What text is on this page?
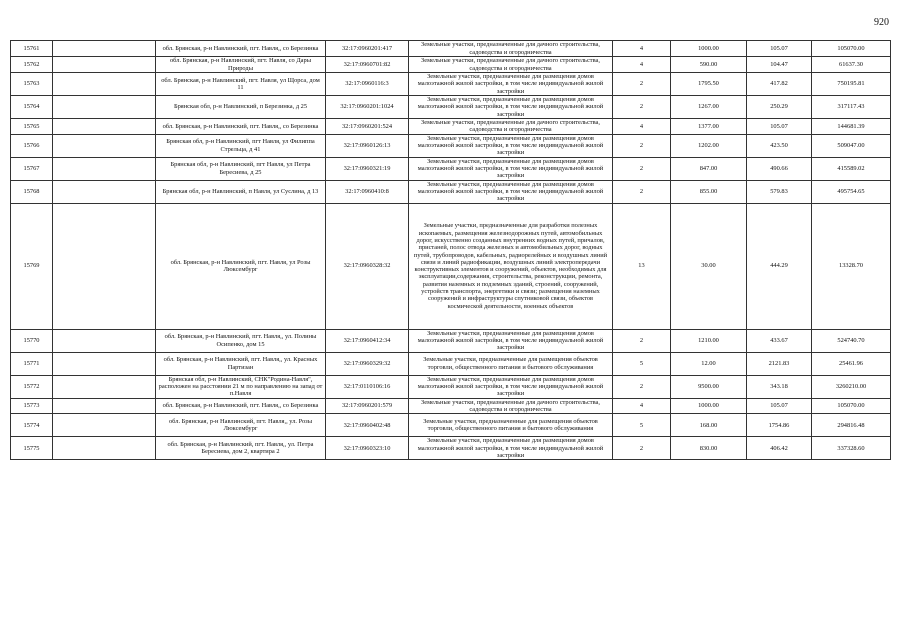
920
15761		обл. Брянская, р-н Навлинский, пгт. Навля,, со Березинка	32:17:0960201:417	Земельные участки, предназначенные для дачного строительства, садоводства и огородничества	4	1000.00	105.07	105070.00
15762		обл. Брянская, р-н Навлинский, пгт. Навля, со Дары Природы	32:17:0960701:82	Земельные участки, предназначенные для дачного строительства, садоводства и огородничества	4	590.00	104.47	61637.30
15763		обл. Брянская, р-н Навлинский, пгт. Навля, ул Щорса, дом 11	32:17:0960116:3	Земельные участки, предназначенные для размещения домов малоэтажной жилой застройки, в том числе индивидуальной жилой застройки	2	1795.50	417.82	750195.81
15764		Брянская обл, р-н Навлинский, п Березинка, д 25	32:17:0960201:1024	Земельные участки, предназначенные для размещения домов малоэтажной жилой застройки, в том числе индивидуальной жилой застройки	2	1267.00	250.29	317117.43
15765		обл. Брянская, р-н Навлинский, пгт. Навля,, со Березинка	32:17:0960201:524	Земельные участки, предназначенные для дачного строительства, садоводства и огородничества	4	1377.00	105.07	144681.39
15766		Брянская обл, р-н Навлинский, пгт Навля, ул Филиппа Стрельца, д 41	32:17:0960126:13	Земельные участки, предназначенные для размещения домов малоэтажной жилой застройки, в том числе индивидуальной жилой застройки	2	1202.00	423.50	509047.00
15767		Брянская обл, р-н Навлинский, пгт Навля, ул Петра Бересиева, д 25	32:17:0960321:19	Земельные участки, предназначенные для размещения домов малоэтажной жилой застройки, в том числе индивидуальной жилой застройки	2	847.00	490.66	415589.02
15768		Брянская обл, р-н Навлинский, п Навля, ул Суслина, д 13	32:17:0960410:8	Земельные участки, предназначенные для размещения домов малоэтажной жилой застройки, в том числе индивидуальной жилой застройки	2	855.00	579.83	495754.65
15769		обл. Брянская, р-н Навлинский, пгт. Навля, ул Розы Люксембург	32:17:0960328:32	Земельные участки, предназначенные для разработки полезных ископаемых, размещения железнодорожных путей, автомобильных дорог, искусственно созданных внутренних водных путей, причалов, пристаней, полос отвода железных и автомобильных дорог, водных путей, трубопроводов, кабельных, радиорелейных и воздушных линий связи и линий радиофикации, воздушных линий электропередачи конструктивных элементов и сооружений, объектов, необходимых для эксплуатации,содержания, строительства, реконструкции, ремонта, развития наземных и подземных зданий, строений, сооружений, устройств транспорта, энергетики и связи; размещения наземных сооружений и инфраструктуры спутниковой связи, объектов космической деятельности, военных объектов	13	30.00	444.29	13328.70
15770		обл. Брянская, р-н Навлинский, пгт. Навля,, ул. Полины Осипенко, дом 15	32:17:0960412:34	Земельные участки, предназначенные для размещения домов малоэтажной жилой застройки, в том числе индивидуальной жилой застройки	2	1210.00	433.67	524740.70
15771		обл. Брянская, р-н Навлинский, пгт. Навля,, ул. Красных Партизан	32:17:0960329:32	Земельные участки, предназначенные для размещения объектов торговли, общественного питания и бытового обслуживания	5	12.00	2121.83	25461.96
15772		Брянская обл, р-н Навлинский, СНК"Родина-Навля", расположен на расстоянии 21 м по направлению на запад от п.Навля	32:17:0110106:16	Земельные участки, предназначенные для размещения домов малоэтажной жилой застройки, в том числе индивидуальной жилой застройки	2	9500.00	343.18	3260210.00
15773		обл. Брянская, р-н Навлинский, пгт. Навля,, со Березинка	32:17:0960201:579	Земельные участки, предназначенные для дачного строительства, садоводства и огородничества	4	1000.00	105.07	105070.00
15774		обл. Брянская, р-н Навлинский, пгт. Навля,, ул. Розы Люксембург	32:17:0960402:48	Земельные участки, предназначенные для размещения объектов торговли, общественного питания и бытового обслуживания	5	168.00	1754.86	294816.48
15775		обл. Брянская, р-н Навлинский, пгт. Навля,, ул. Петра Бересиева, дом 2, квартира 2	32:17:0960323:10	Земельные участки, предназначенные для размещения домов малоэтажной жилой застройки, в том числе индивидуальной жилой застройки	2	830.00	406.42	337328.60
